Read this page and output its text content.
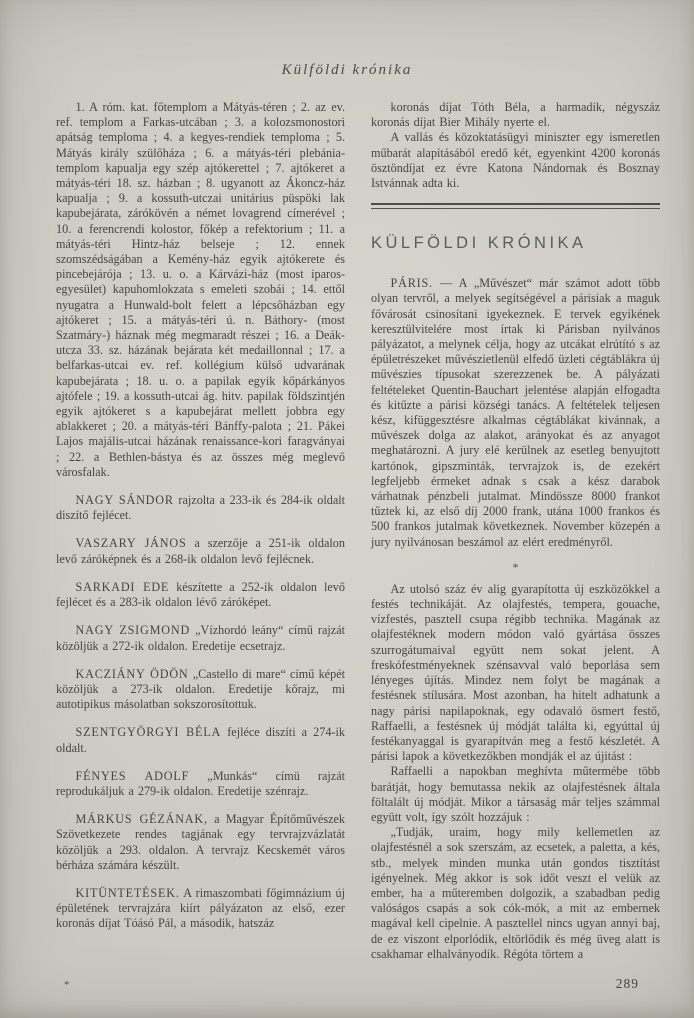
Külföldi krónika

1. A róm. kat. főtemplom a Mátyás-téren ; 2. az ev. ref. templom a Farkas-utcában ; 3. a kolozsmonostori apátság temploma ; 4. a kegyes-rendiek temploma ; 5. Mátyás király szülőháza ; 6. a mátyás-téri plebánia-templom kapualja egy szép ajtókerettel ; 7. ajtókeret a mátyás-téri 18. sz. házban ; 8. ugyanott az Ákoncz-ház kapualja ; 9. a kossuth-utczai unitárius püspöki lak kapubejárata, zárókövén a német lovagrend címerével ; 10. a ferencrendi kolostor, főkép a refektorium ; 11. a mátyás-téri Hintz-ház belseje ; 12. ennek szomszédságában a Kemény-ház egyik ajtókerete és pincebejárója ; 13. u. o. a Kárvázi-ház (most iparos-egyesület) kapuhomlokzata s emeleti szobái ; 14. ettől nyugatra a Hunwald-bolt felett a lépcsőházban egy ajtókeret ; 15. a mátyás-téri ú. n. Báthory- (most Szatmáry-) háznak még megmaradt részei ; 16. a Deák-utcza 33. sz. házának bejárata két medaillonnal ; 17. a belfarkas-utcai ev. ref. kollégium külső udvarának kapubejárata ; 18. u. o. a papilak egyik kőpárkányos ajtófele ; 19. a kossuth-utcai ág. hitv. papilak földszintjén egyik ajtókeret s a kapubejárat mellett jobbra egy ablakkeret ; 20. a mátyás-téri Bánffy-palota ; 21. Pákei Lajos majális-utcai házának renaissance-kori faragványai ; 22. a Bethlen-bástya és az összes még meglevő városfalak.

NAGY SÁNDOR rajzolta a 233-ik és 284-ik oldalt diszítő fejlécet.

VASZARY JÁNOS a szerzője a 251-ik oldalon levő záróképnek és a 268-ik oldalon levő fejlécnek.

SARKADI EDE készítette a 252-ik oldalon levő fejlécet és a 283-ik oldalon lévő záróképet.

NAGY ZSIGMOND „Vízhordó leány“ című rajzát közöljük a 272-ik oldalon. Eredetije ecsetrajz.

KACZIÁNY ÖDÖN „Castello di mare“ című képét közöljük a 273-ik oldalon. Eredetije kőrajz, mi autotipikus másolatban sokszorosítottuk.

SZENTGYÖRGYI BÉLA fejléce diszíti a 274-ik oldalt.

FÉNYES ADOLF „Munkás“ címü rajzát reprodukáljuk a 279-ik oldalon. Eredetije szénrajz.

MÁRKUS GÉZÁNAK, a Magyar Építőművészek Szövetkezete rendes tagjának egy tervrajzvázlatát közöljük a 293. oldalon. A tervrajz Kecskemét város bérháza számára készült.

KITÜNTETÉSEK. A rimaszombati főgimnázium új épületének tervrajzára kiírt pályázaton az első, ezer koronás díjat Tóásó Pál, a második, hatszáz

koronás díjat Tóth Béla, a harmadik, négyszáz koronás díjat Bier Mihály nyerte el.

A vallás és közoktatásügyi miniszter egy ismeretlen műbarát alapításából eredő két, egyenkint 4200 koronás ösztöndíjat ez évre Katona Nándornak és Bosznay Istvánnak adta ki.

KÜLFÖLDI KRÓNIKA

PÁRIS. — A „Művészet“ már számot adott több olyan tervről, a melyek segítségével a párisiak a maguk fővárosát csinosítani igyekeznek. E tervek egyikének keresztülvitelére most írtak ki Párisban nyilvános pályázatot, a melynek célja, hogy az utcákat elrútító s az épületrészeket művészietlenül elfedő üzleti cégtáblákra új művészies típusokat szerezzenek be. A pályázati feltételeket Quentin-Bauchart jelentése alapján elfogadta és kitűzte a párisi községi tanács. A feltételek teljesen kész, kifüggesztésre alkalmas cégtáblákat kivánnak, a művészek dolga az alakot, arányokat és az anyagot meghatározni. A jury elé kerülnek az esetleg benyujtott kartónok, gipszminták, tervrajzok is, de ezekért legfeljebb érmeket adnak s csak a kész darabok várhatnak pénzbeli jutalmat. Mindössze 8000 frankot tűztek ki, az első díj 2000 frank, utána 1000 frankos és 500 frankos jutalmak következnek. November közepén a jury nyilvánosan beszámol az elért eredményről.

*

Az utolsó száz év alig gyarapította új eszközökkel a festés technikáját. Az olajfestés, tempera, gouache, vízfestés, pasztell csupa régibb technika. Magának az olajfestéknek modern módon való gyártása összes szurrogátumaival együtt nem sokat jelent. A freskófestményeknek szénsavval való beporlása sem lényeges újítás. Mindez nem folyt be magának a festésnek stílusára. Most azonban, ha hitelt adhatunk a nagy párisi napilapoknak, egy odavaló ösmert festő, Raffaelli, a festésnek új módját találta ki, egyúttal új festékanyaggal is gyarapítván meg a festő készletét. A párisi lapok a következőkben mondják el az újitást :

Raffaelli a napokban meghívta műtermébe több barátját, hogy bemutassa nekik az olajfestésnek általa föltalált új módját. Mikor a társaság már teljes számmal együtt volt, így szólt hozzájuk :

„Tudják, uraim, hogy mily kellemetlen az olajfestésnél a sok szerszám, az ecsetek, a paletta, a kés, stb., melyek minden munka után gondos tisztítást igényelnek. Még akkor is sok időt veszt el velük az ember, ha a műteremben dolgozik, a szabadban pedig valóságos csapás a sok cók-mók, a mit az embernek magával kell cipelnie. A pasztellel nincs ugyan annyi baj, de ez viszont elporlódik, eltörlődik és még üveg alatt is csakhamar elhalványodik. Régóta törtem a

*	289
